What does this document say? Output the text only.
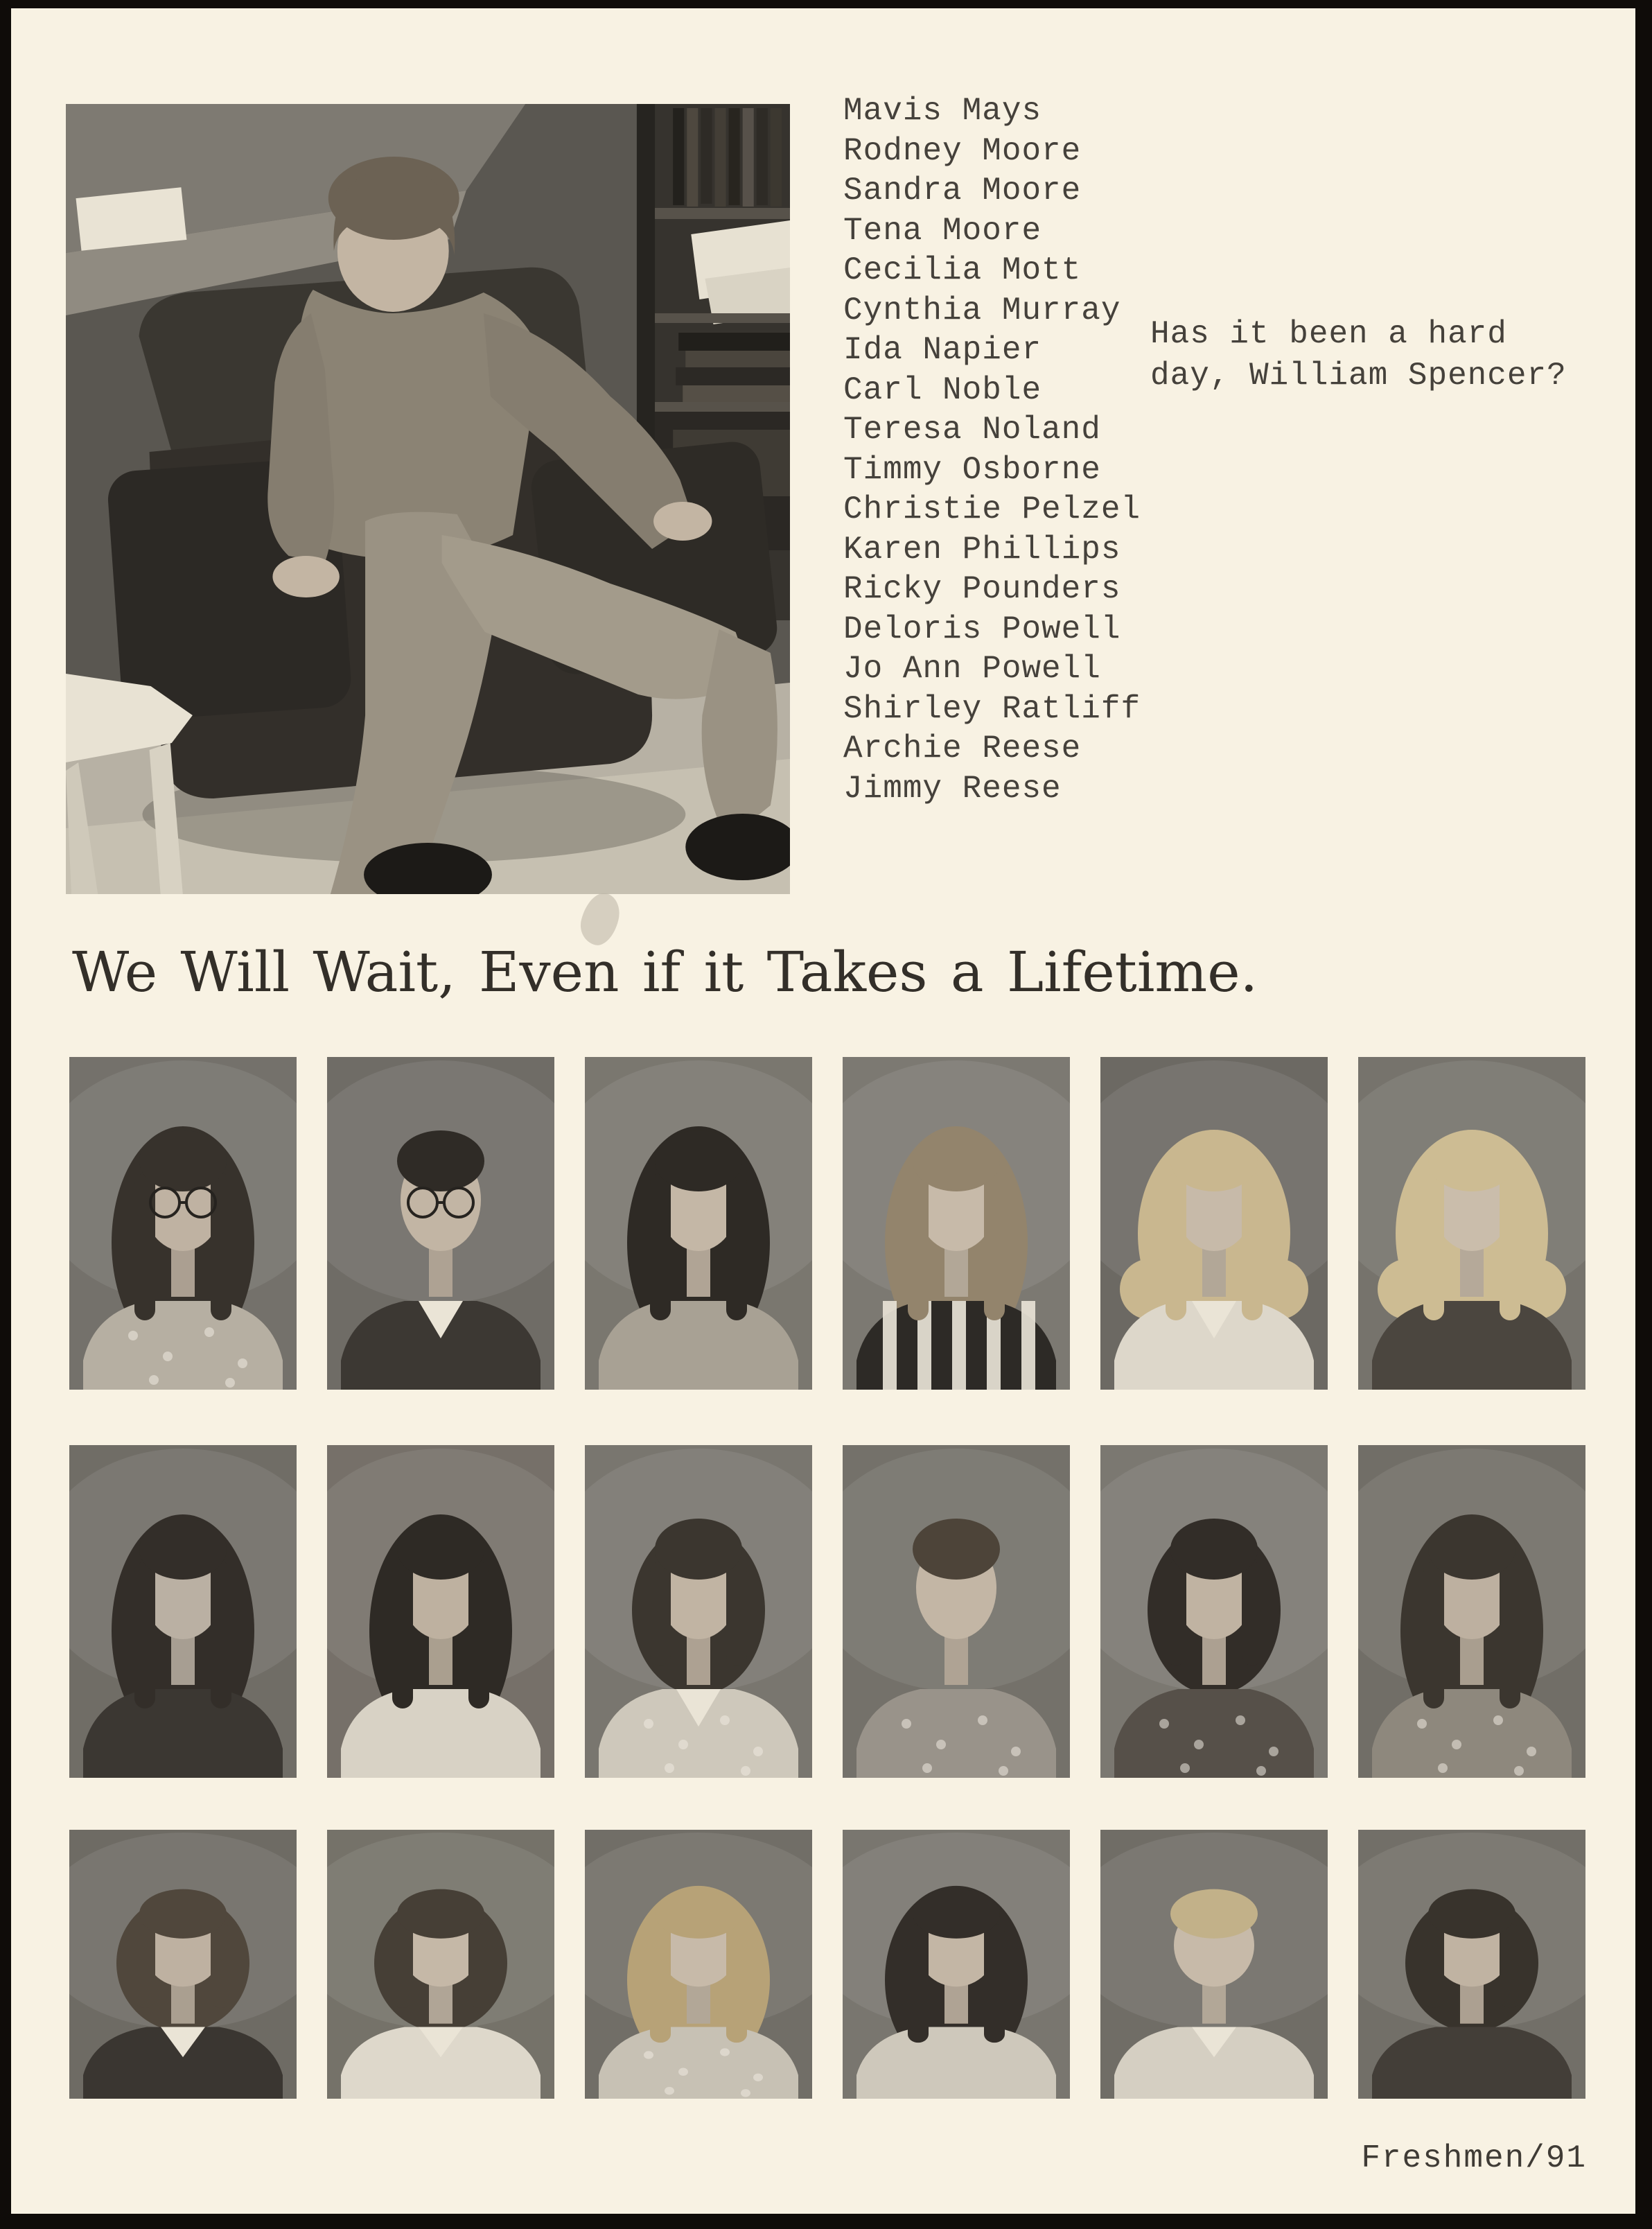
Mavis Mays
Rodney Moore
Sandra Moore
Tena Moore
Cecilia Mott
Cynthia Murray
Ida Napier
Carl Noble
Teresa Noland
Timmy Osborne
Christie Pelzel
Karen Phillips
Ricky Pounders
Deloris Powell
Jo Ann Powell
Shirley Ratliff
Archie Reese
Jimmy Reese
Has it been a hard
day, William Spencer?
We Will Wait, Even if it Takes a Lifetime.
Freshmen/91
